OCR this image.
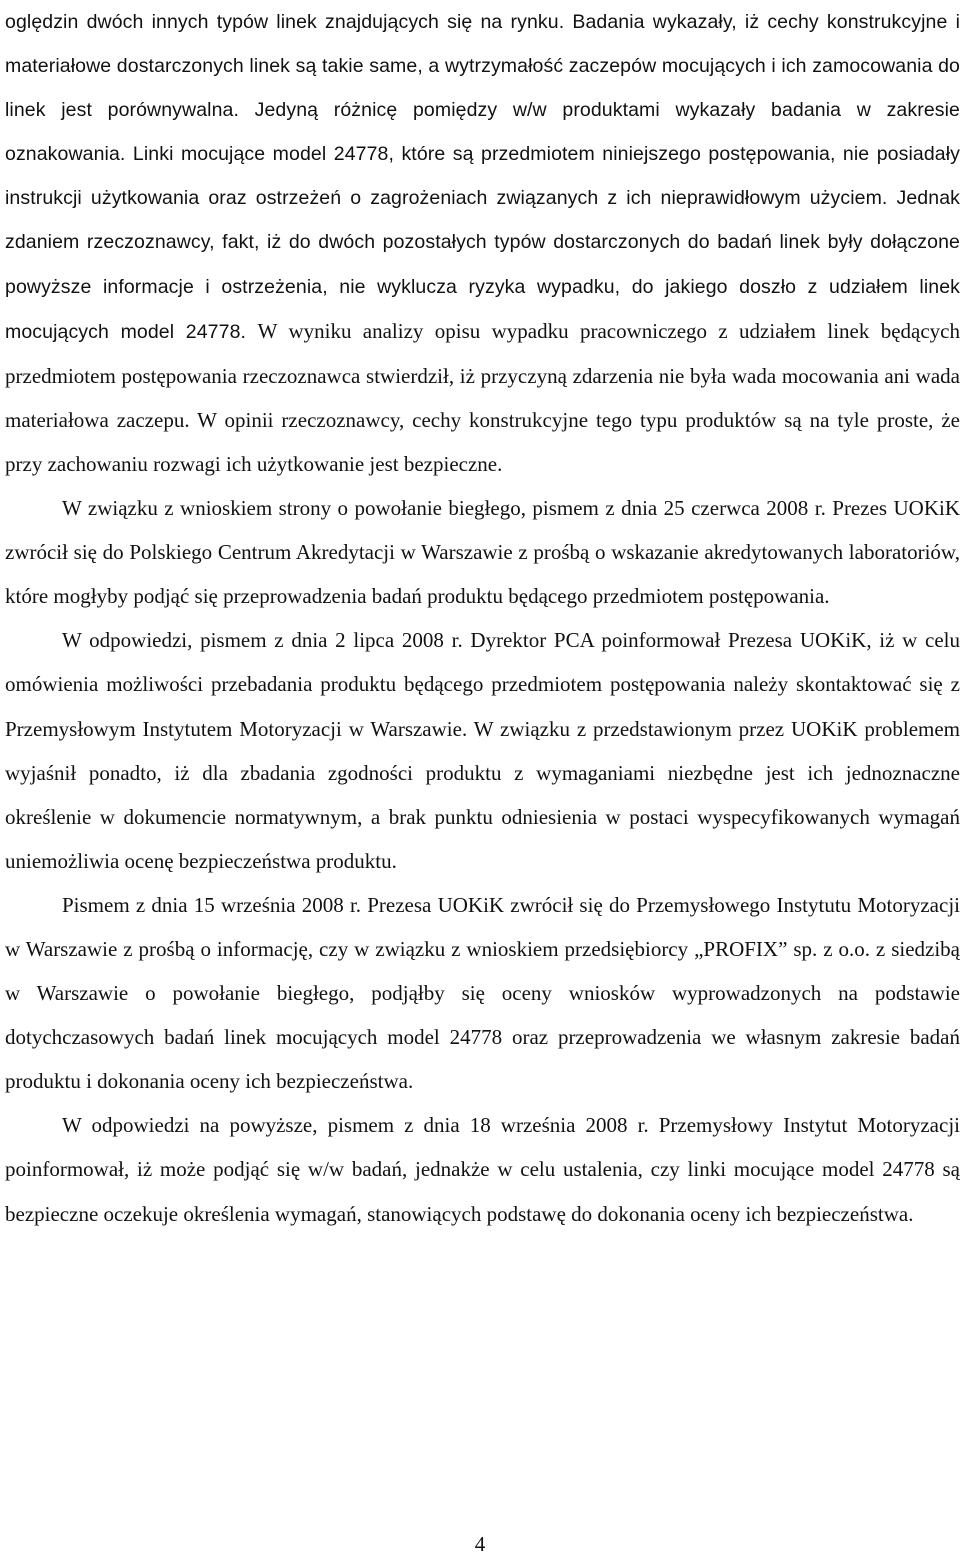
oględzin dwóch innych typów linek znajdujących się na rynku. Badania wykazały, iż cechy konstrukcyjne i materiałowe dostarczonych linek są takie same, a wytrzymałość zaczepów mocujących i ich zamocowania do linek jest porównywalna. Jedyną różnicę pomiędzy w/w produktami wykazały badania w zakresie oznakowania. Linki mocujące model 24778, które są przedmiotem niniejszego postępowania, nie posiadały instrukcji użytkowania oraz ostrzeżeń o zagrożeniach związanych z ich nieprawidłowym użyciem. Jednak zdaniem rzeczoznawcy, fakt, iż do dwóch pozostałych typów dostarczonych do badań linek były dołączone powyższe informacje i ostrzeżenia, nie wyklucza ryzyka wypadku, do jakiego doszło z udziałem linek mocujących model 24778. W wyniku analizy opisu wypadku pracowniczego z udziałem linek będących przedmiotem postępowania rzeczoznawca stwierdził, iż przyczyną zdarzenia nie była wada mocowania ani wada materiałowa zaczepu. W opinii rzeczoznawcy, cechy konstrukcyjne tego typu produktów są na tyle proste, że przy zachowaniu rozwagi ich użytkowanie jest bezpieczne.

W związku z wnioskiem strony o powołanie biegłego, pismem z dnia 25 czerwca 2008 r. Prezes UOKiK zwrócił się do Polskiego Centrum Akredytacji w Warszawie z prośbą o wskazanie akredytowanych laboratoriów, które mogłyby podjąć się przeprowadzenia badań produktu będącego przedmiotem postępowania.

W odpowiedzi, pismem z dnia 2 lipca 2008 r. Dyrektor PCA poinformował Prezesa UOKiK, iż w celu omówienia możliwości przebadania produktu będącego przedmiotem postępowania należy skontaktować się z Przemysłowym Instytutem Motoryzacji w Warszawie. W związku z przedstawionym przez UOKiK problemem wyjaśnił ponadto, iż dla zbadania zgodności produktu z wymaganiami niezbędne jest ich jednoznaczne określenie w dokumencie normatywnym, a brak punktu odniesienia w postaci wyspecyfikowanych wymagań uniemożliwia ocenę bezpieczeństwa produktu.

Pismem z dnia 15 września 2008 r. Prezesa UOKiK zwrócił się do Przemysłowego Instytutu Motoryzacji w Warszawie z prośbą o informację, czy w związku z wnioskiem przedsiębiorcy „PROFIX” sp. z o.o. z siedzibą w Warszawie o powołanie biegłego, podjąłby się oceny wniosków wyprowadzonych na podstawie dotychczasowych badań linek mocujących model 24778 oraz przeprowadzenia we własnym zakresie badań produktu i dokonania oceny ich bezpieczeństwa.

W odpowiedzi na powyższe, pismem z dnia 18 września 2008 r. Przemysłowy Instytut Motoryzacji poinformował, iż może podjąć się w/w badań, jednakże w celu ustalenia, czy linki mocujące model 24778 są bezpieczne oczekuje określenia wymagań, stanowiących podstawę do dokonania oceny ich bezpieczeństwa.

4
